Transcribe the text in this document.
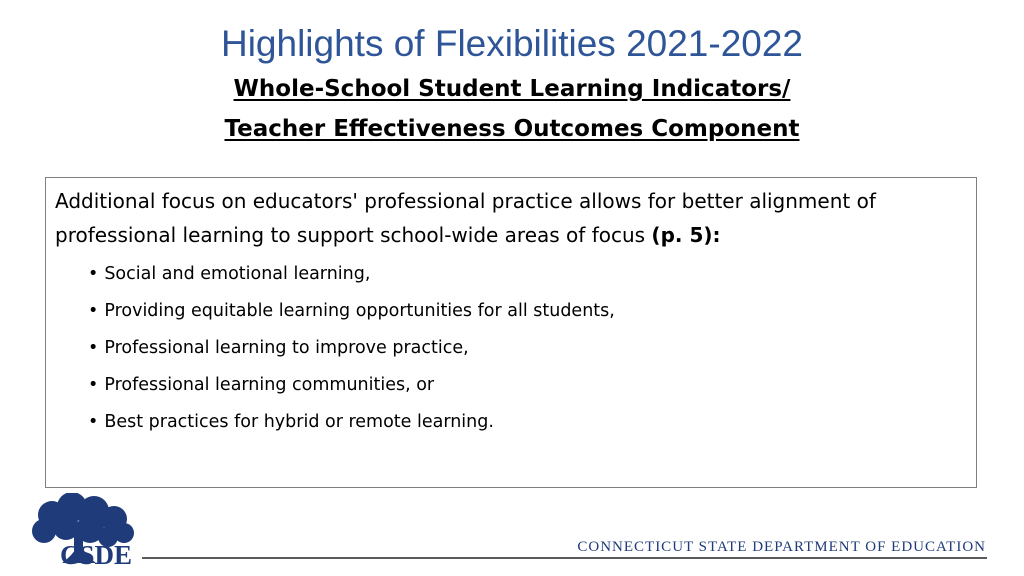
Highlights of Flexibilities 2021-2022
Whole-School Student Learning Indicators/
Teacher Effectiveness Outcomes Component

Additional focus on educators' professional practice allows for better alignment of professional learning to support school-wide areas of focus (p. 5):

• Social and emotional learning,
• Providing equitable learning opportunities for all students,
• Professional learning to improve practice,
• Professional learning communities, or
• Best practices for hybrid or remote learning.
CSDE	CONNECTICUT STATE DEPARTMENT OF EDUCATION
